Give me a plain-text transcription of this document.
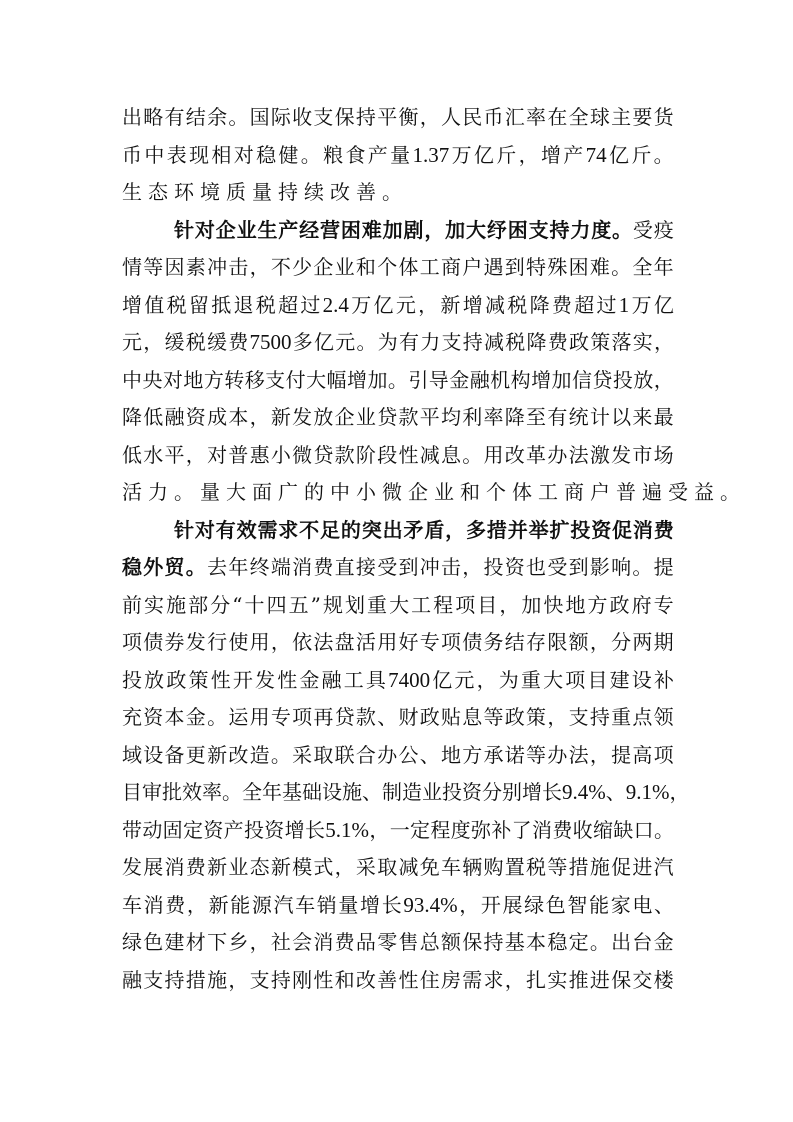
出 略 有 结 余 。 国 际 收 支 保 持 平 衡 ， 人 民 币 汇 率 在 全 球 主 要 货
币 中 表 现 相 对 稳 健 。 粮 食 产 量 1.37 万 亿 斤 ， 增 产 74 亿 斤 。
生 态 环 境 质 量 持 续 改 善 。
针 对 企 业 生 产 经 营 困 难 加 剧 ， 加 大 纾 困 支 持 力 度 。 受 疫
情 等 因 素 冲 击 ， 不 少 企 业 和 个 体 工 商 户 遇 到 特 殊 困 难 。 全 年
增 值 税 留 抵 退 税 超 过 2.4 万 亿 元 ， 新 增 减 税 降 费 超 过 1 万 亿
元 ， 缓 税 缓 费 7500 多 亿 元 。 为 有 力 支 持 减 税 降 费 政 策 落 实 ，
中 央 对 地 方 转 移 支 付 大 幅 增 加 。 引 导 金 融 机 构 增 加 信 贷 投 放 ，
降 低 融 资 成 本 ， 新 发 放 企 业 贷 款 平 均 利 率 降 至 有 统 计 以 来 最
低 水 平 ， 对 普 惠 小 微 贷 款 阶 段 性 减 息 。 用 改 革 办 法 激 发 市 场
活 力 。 量 大 面 广 的 中 小 微 企 业 和 个 体 工 商 户 普 遍 受 益 。
针 对 有 效 需 求 不 足 的 突 出 矛 盾 ， 多 措 并 举 扩 投 资 促 消 费
稳 外 贸 。 去 年 终 端 消 费 直 接 受 到 冲 击 ， 投 资 也 受 到 影 响 。 提
前 实 施 部 分 “ 十 四 五 ” 规 划 重 大 工 程 项 目 ， 加 快 地 方 政 府 专
项 债 券 发 行 使 用 ， 依 法 盘 活 用 好 专 项 债 务 结 存 限 额 ， 分 两 期
投 放 政 策 性 开 发 性 金 融 工 具 7400 亿 元 ， 为 重 大 项 目 建 设 补
充 资 本 金 。 运 用 专 项 再 贷 款 、 财 政 贴 息 等 政 策 ， 支 持 重 点 领
域 设 备 更 新 改 造 。 采 取 联 合 办 公 、 地 方 承 诺 等 办 法 ， 提 高 项
目 审 批 效 率 。 全 年 基 础 设 施 、 制 造 业 投 资 分 别 增 长 9.4% 、 9.1% ，
带 动 固 定 资 产 投 资 增 长 5.1% ， 一 定 程 度 弥 补 了 消 费 收 缩 缺 口 。
发 展 消 费 新 业 态 新 模 式 ， 采 取 减 免 车 辆 购 置 税 等 措 施 促 进 汽
车 消 费 ， 新 能 源 汽 车 销 量 增 长 93.4% ， 开 展 绿 色 智 能 家 电 、
绿 色 建 材 下 乡 ， 社 会 消 费 品 零 售 总 额 保 持 基 本 稳 定 。 出 台 金
融 支 持 措 施 ， 支 持 刚 性 和 改 善 性 住 房 需 求 ， 扎 实 推 进 保 交 楼
